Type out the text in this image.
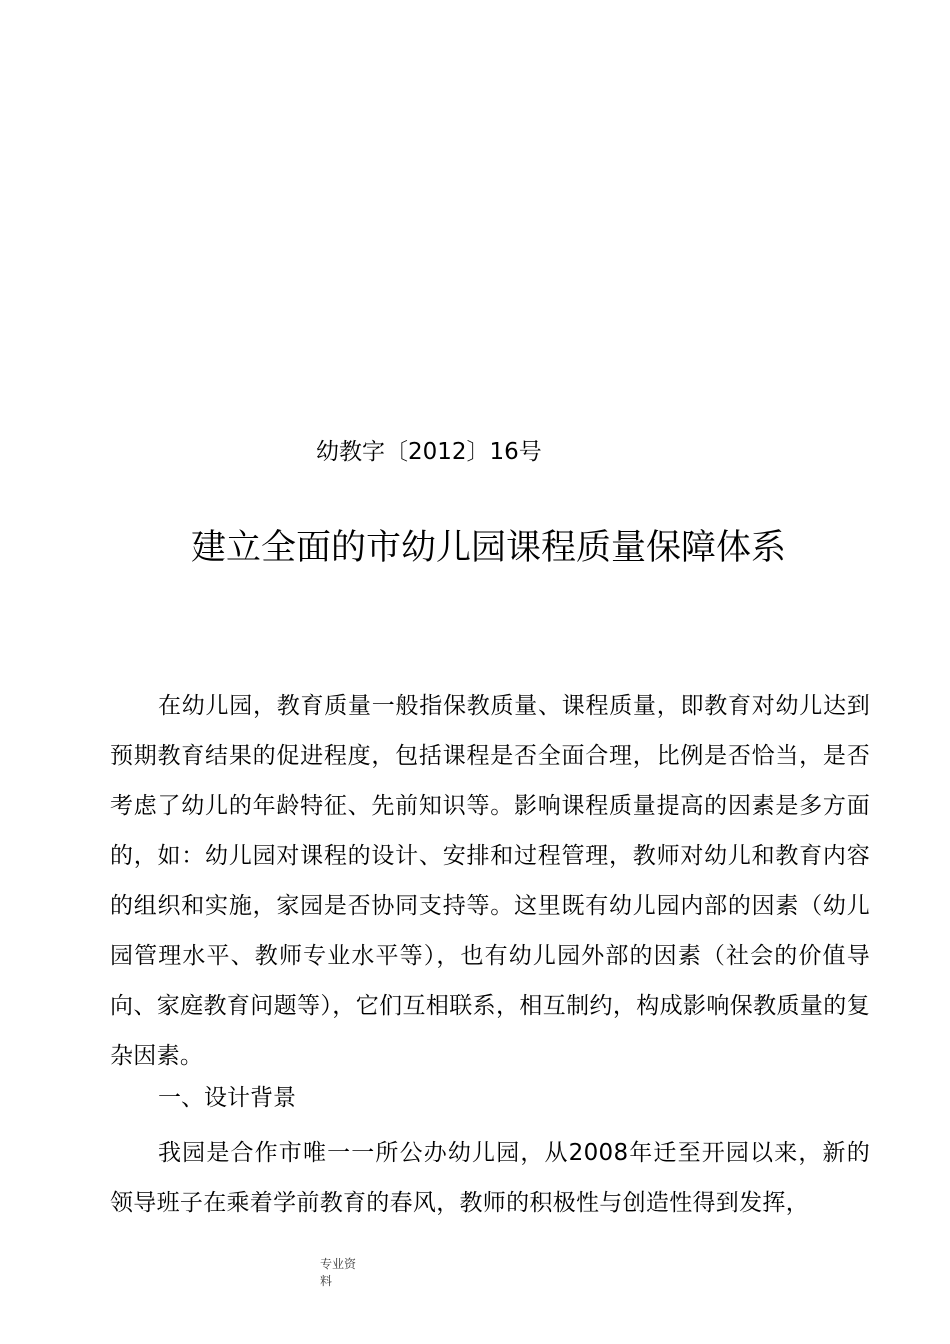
幼教字〔2012〕16号
建立全面的市幼儿园课程质量保障体系
在幼儿园，教育质量一般指保教质量、课程质量，即教育对幼儿达到预期教育结果的促进程度，包括课程是否全面合理，比例是否恰当，是否考虑了幼儿的年龄特征、先前知识等。影响课程质量提高的因素是多方面的，如：幼儿园对课程的设计、安排和过程管理，教师对幼儿和教育内容的组织和实施，家园是否协同支持等。这里既有幼儿园内部的因素（幼儿园管理水平、教师专业水平等），也有幼儿园外部的因素（社会的价值导向、家庭教育问题等），它们互相联系，相互制约，构成影响保教质量的复杂因素。
一、设计背景
我园是合作市唯一一所公办幼儿园，从2008年迁至开园以来，新的领导班子在乘着学前教育的春风，教师的积极性与创造性得到发挥，
专业资料
